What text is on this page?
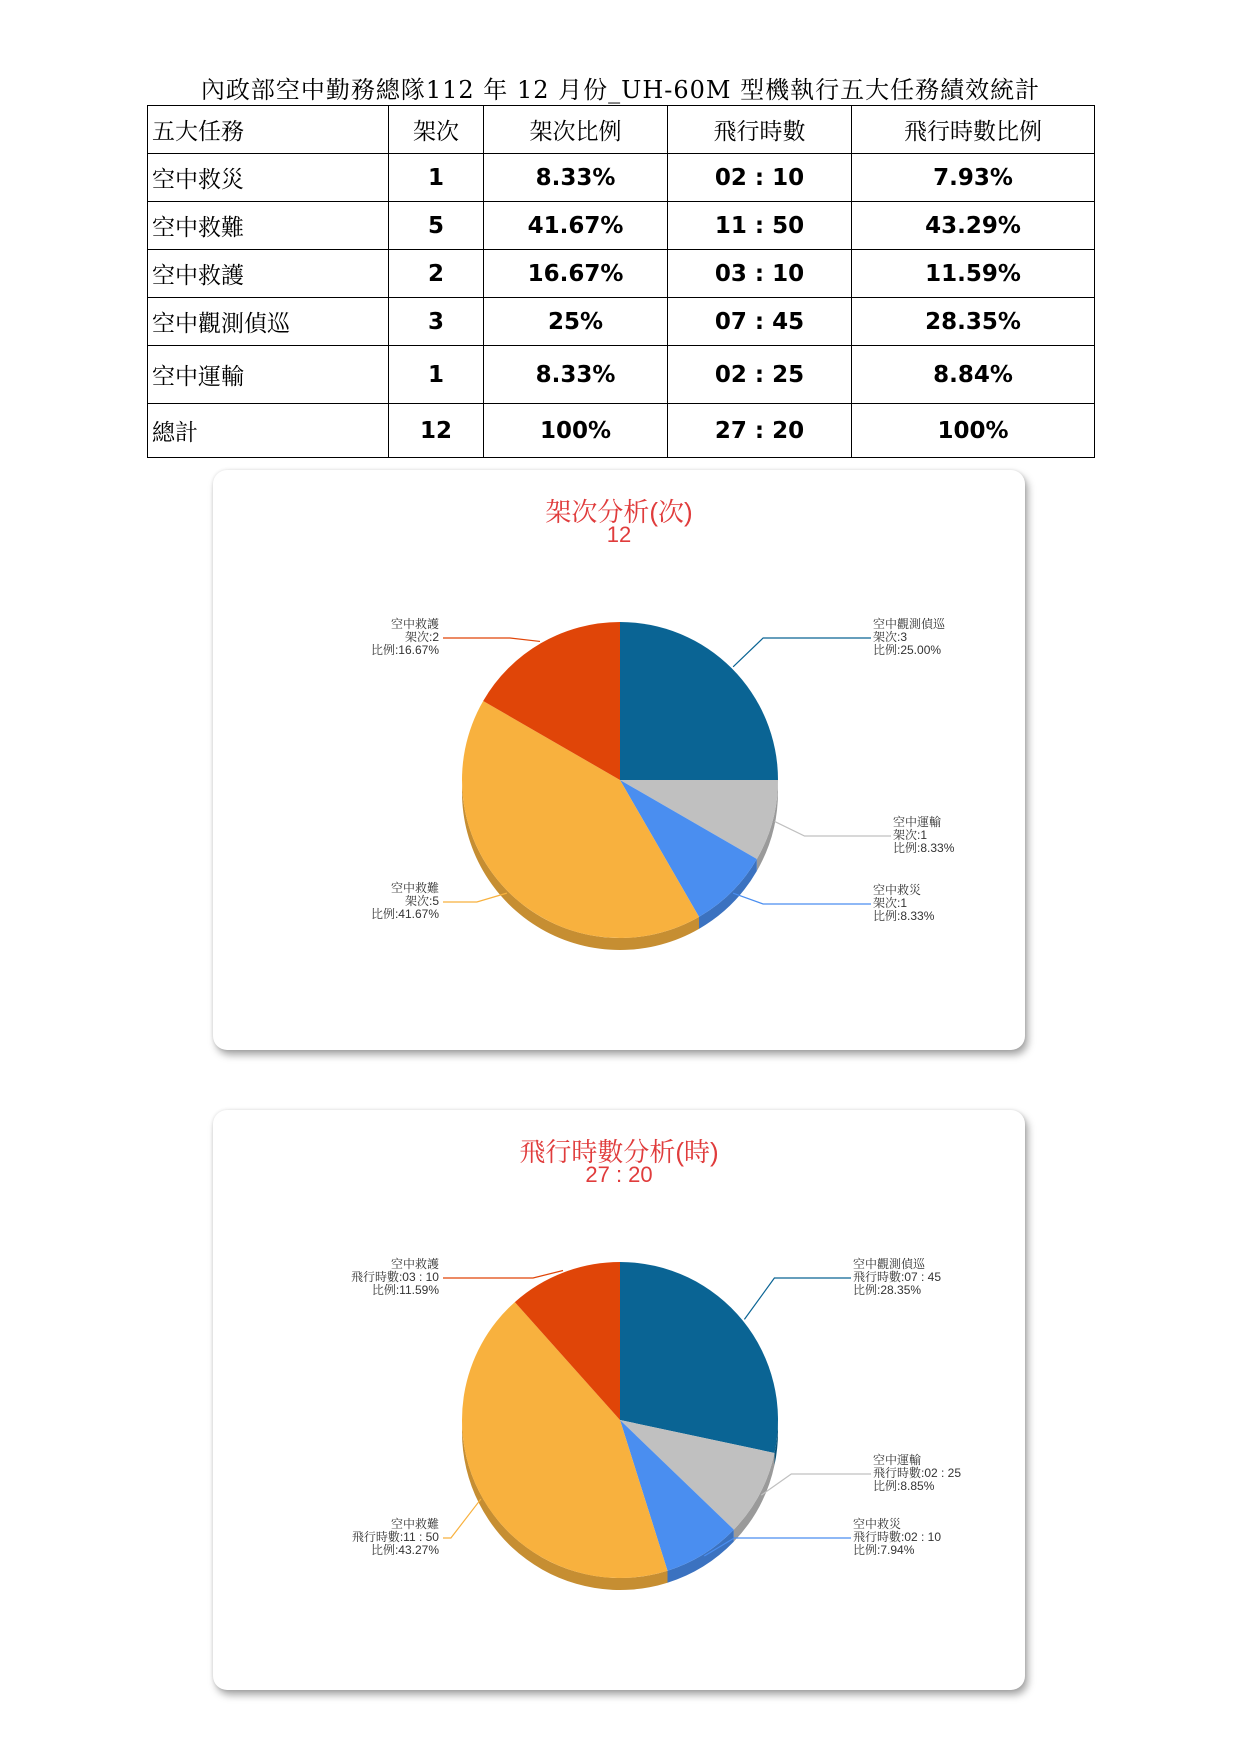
內政部空中勤務總隊112 年 12 月份_UH-60M 型機執行五大任務績效統計
五大任務	架次	架次比例	飛行時數	飛行時數比例
空中救災	1	8.33%	02 : 10	7.93%
空中救難	5	41.67%	11 : 50	43.29%
空中救護	2	16.67%	03 : 10	11.59%
空中觀測偵巡	3	25%	07 : 45	28.35%
空中運輸	1	8.33%	02 : 25	8.84%
總計	12	100%	27 : 20	100%
空中觀測偵巡
架次:3
比例:25.00%
空中運輸
架次:1
比例:8.33%
空中救災
架次:1
比例:8.33%
空中救難
架次:5
比例:41.67%
空中救護
架次:2
比例:16.67%
架次分析(次)
12
空中觀測偵巡
飛行時數:07 : 45
比例:28.35%
空中運輸
飛行時數:02 : 25
比例:8.85%
空中救災
飛行時數:02 : 10
比例:7.94%
空中救難
飛行時數:11 : 50
比例:43.27%
空中救護
飛行時數:03 : 10
比例:11.59%
飛行時數分析(時)
27 : 20
